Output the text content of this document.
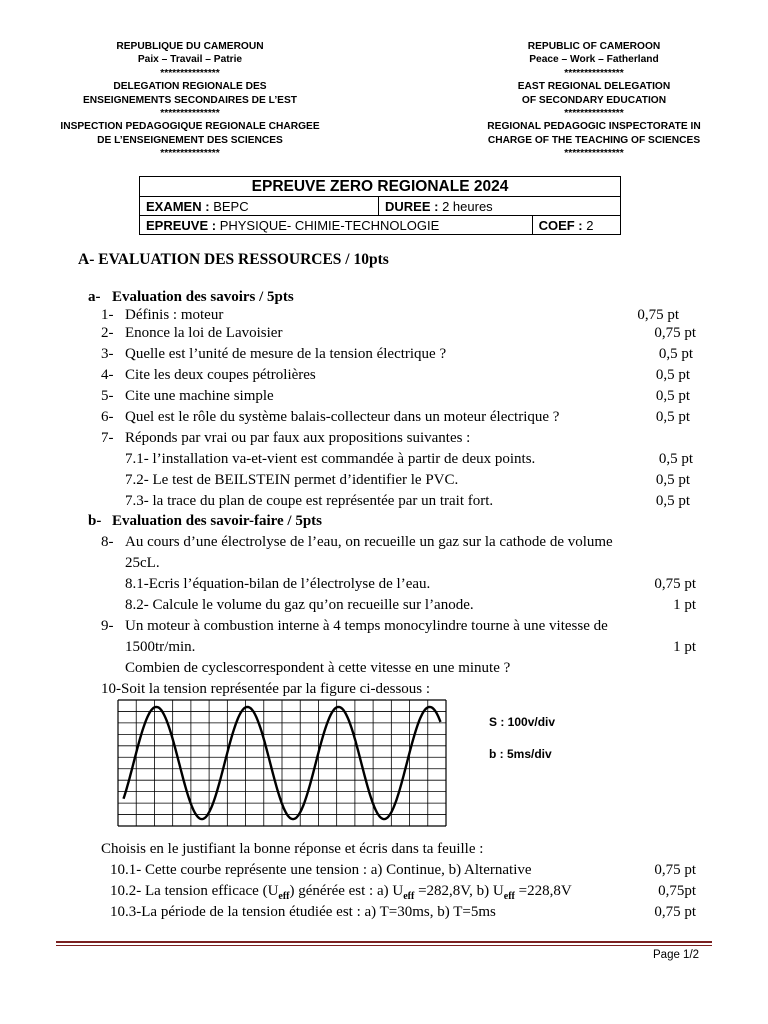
REPUBLIQUE DU CAMEROUN
Paix – Travail – Patrie
***************
DELEGATION REGIONALE DES
ENSEIGNEMENTS SECONDAIRES DE L’EST
***************
INSPECTION PEDAGOGIQUE REGIONALE CHARGEE
DE L’ENSEIGNEMENT DES SCIENCES
***************
REPUBLIC OF CAMEROON
Peace – Work – Fatherland
***************
EAST REGIONAL DELEGATION
OF SECONDARY EDUCATION
***************
REGIONAL PEDAGOGIC INSPECTORATE IN
CHARGE OF THE TEACHING OF SCIENCES
***************
EPREUVE ZERO REGIONALE 2024		
EXAMEN : BEPC	DUREE : 2 heures	
EPREUVE : PHYSIQUE- CHIMIE-TECHNOLOGIE		COEF : 2
A- EVALUATION DES RESSOURCES / 10pts
a- Evaluation des savoirs / 5pts
1- Définis : moteur	0,75 pt
2- Enonce la loi de Lavoisier	0,75 pt
3- Quelle est l’unité de mesure de la tension électrique ?	0,5 pt
4- Cite les deux coupes pétrolières	0,5 pt
5- Cite une machine simple	0,5 pt
6- Quel est le rôle du système balais-collecteur dans un moteur électrique ?	0,5 pt
7- Réponds par vrai ou par faux aux propositions suivantes :
7.1- l’installation va-et-vient est commandée à partir de deux points.	0,5 pt
7.2- Le test de BEILSTEIN permet d’identifier le PVC.	0,5 pt
7.3- la trace du plan de coupe est représentée par un trait fort.	0,5 pt
b- Evaluation des savoir-faire / 5pts
8- Au cours d’une électrolyse de l’eau, on recueille un gaz sur la cathode de volume
25cL.
8.1-Ecris l’équation-bilan de l’électrolyse de l’eau.	0,75 pt
8.2- Calcule le volume du gaz qu’on recueille sur l’anode.	1 pt
9- Un moteur à combustion interne à 4 temps monocylindre tourne à une vitesse de
1500tr/min.	1 pt
Combien de cyclescorrespondent à cette vitesse en une minute ?
10-Soit la tension représentée par la figure ci-dessous :
S : 100v/div
b : 5ms/div
Choisis en le justifiant la bonne réponse et écris dans ta feuille :
10.1- Cette courbe représente une tension : a) Continue, b) Alternative	0,75 pt
10.2- La tension efficace $(U_{eff})$ générée est : a) $U_{eff} =282,8V$, b) $U_{eff} =228,8V$	0,75pt
10.3-La période de la tension étudiée est : a) T=30ms, b) T=5ms	0,75 pt
Page 1/2
